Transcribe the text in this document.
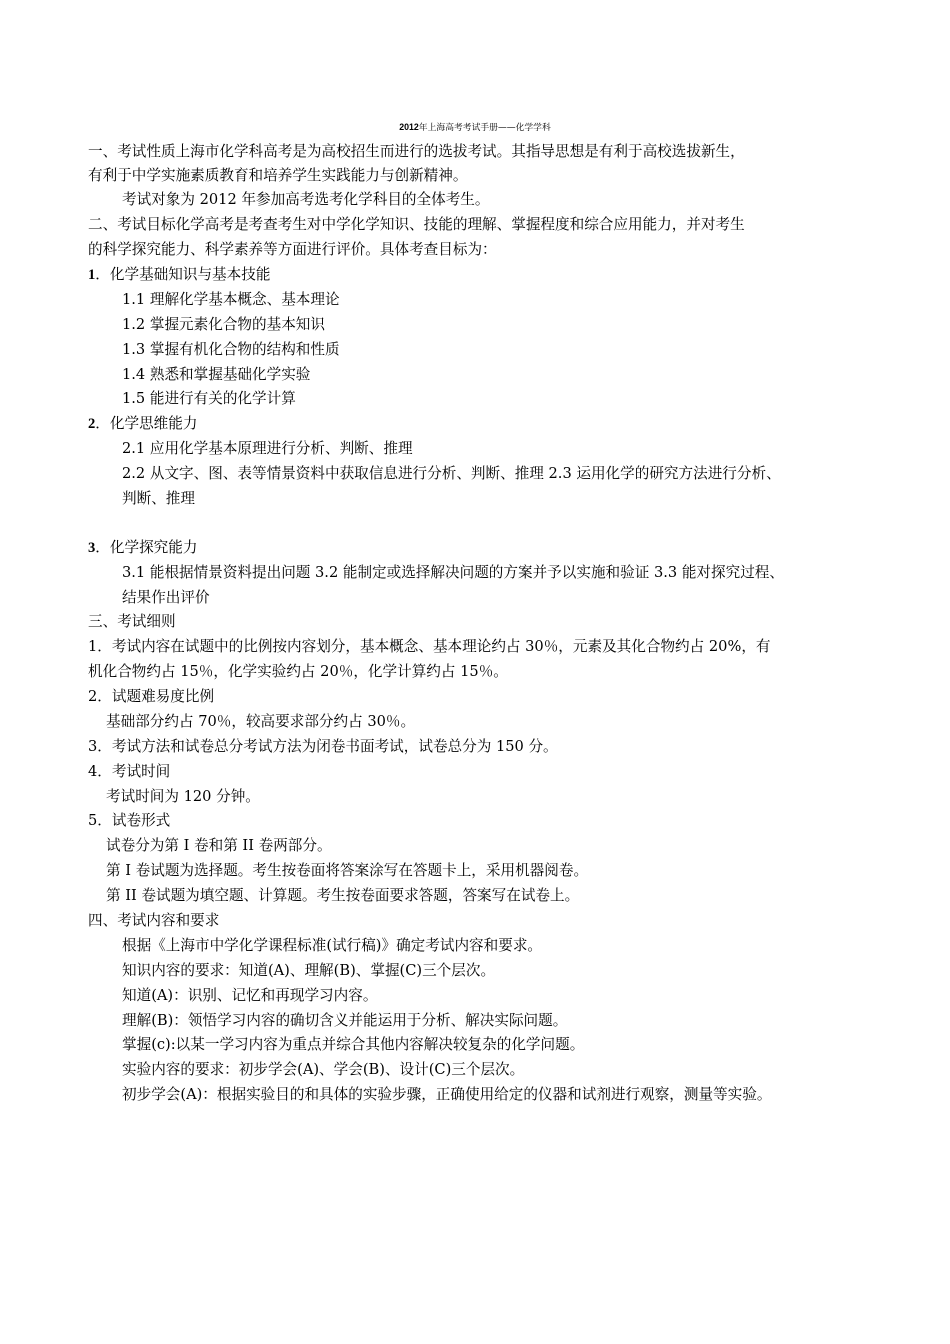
2012年上海高考考试手册——化学学科
一、考试性质上海市化学科高考是为高校招生而进行的选拔考试。其指导思想是有利于高校选拔新生，
有利于中学实施素质教育和培养学生实践能力与创新精神。
考试对象为 2012 年参加高考选考化学科目的全体考生。
二、考试目标化学高考是考查考生对中学化学知识、技能的理解、掌握程度和综合应用能力，并对考生
的科学探究能力、科学素养等方面进行评价。具体考查目标为：
1．化学基础知识与基本技能
1.1 理解化学基本概念、基本理论
1.2 掌握元素化合物的基本知识
1.3 掌握有机化合物的结构和性质
1.4 熟悉和掌握基础化学实验
1.5 能进行有关的化学计算
2．化学思维能力
2.1 应用化学基本原理进行分析、判断、推理
2.2 从文字、图、表等情景资料中获取信息进行分析、判断、推理 2.3 运用化学的研究方法进行分析、
判断、推理
3．化学探究能力
3.1 能根据情景资料提出问题 3.2 能制定或选择解决问题的方案并予以实施和验证 3.3 能对探究过程、
结果作出评价
三、考试细则
1．考试内容在试题中的比例按内容划分，基本概念、基本理论约占 30％，元素及其化合物约占 20%，有
机化合物约占 15％，化学实验约占 20％，化学计算约占 15％。
2．试题难易度比例
基础部分约占 70％，较高要求部分约占 30％。
3．考试方法和试卷总分考试方法为闭卷书面考试，试卷总分为 150 分。
4．考试时间
考试时间为 120 分钟。
5．试卷形式
试卷分为第 I 卷和第 II 卷两部分。
第 I 卷试题为选择题。考生按卷面将答案涂写在答题卡上，采用机器阅卷。
第 II 卷试题为填空题、计算题。考生按卷面要求答题，答案写在试卷上。
四、考试内容和要求
根据《上海市中学化学课程标准(试行稿)》确定考试内容和要求。
知识内容的要求：知道(A)、理解(B)、掌握(C)三个层次。
知道(A)：识别、记忆和再现学习内容。
理解(B)：领悟学习内容的确切含义并能运用于分析、解决实际问题。
掌握(c):以某一学习内容为重点并综合其他内容解决较复杂的化学问题。
实验内容的要求：初步学会(A)、学会(B)、设计(C)三个层次。
初步学会(A)：根据实验目的和具体的实验步骤，正确使用给定的仪器和试剂进行观察，测量等实验。
